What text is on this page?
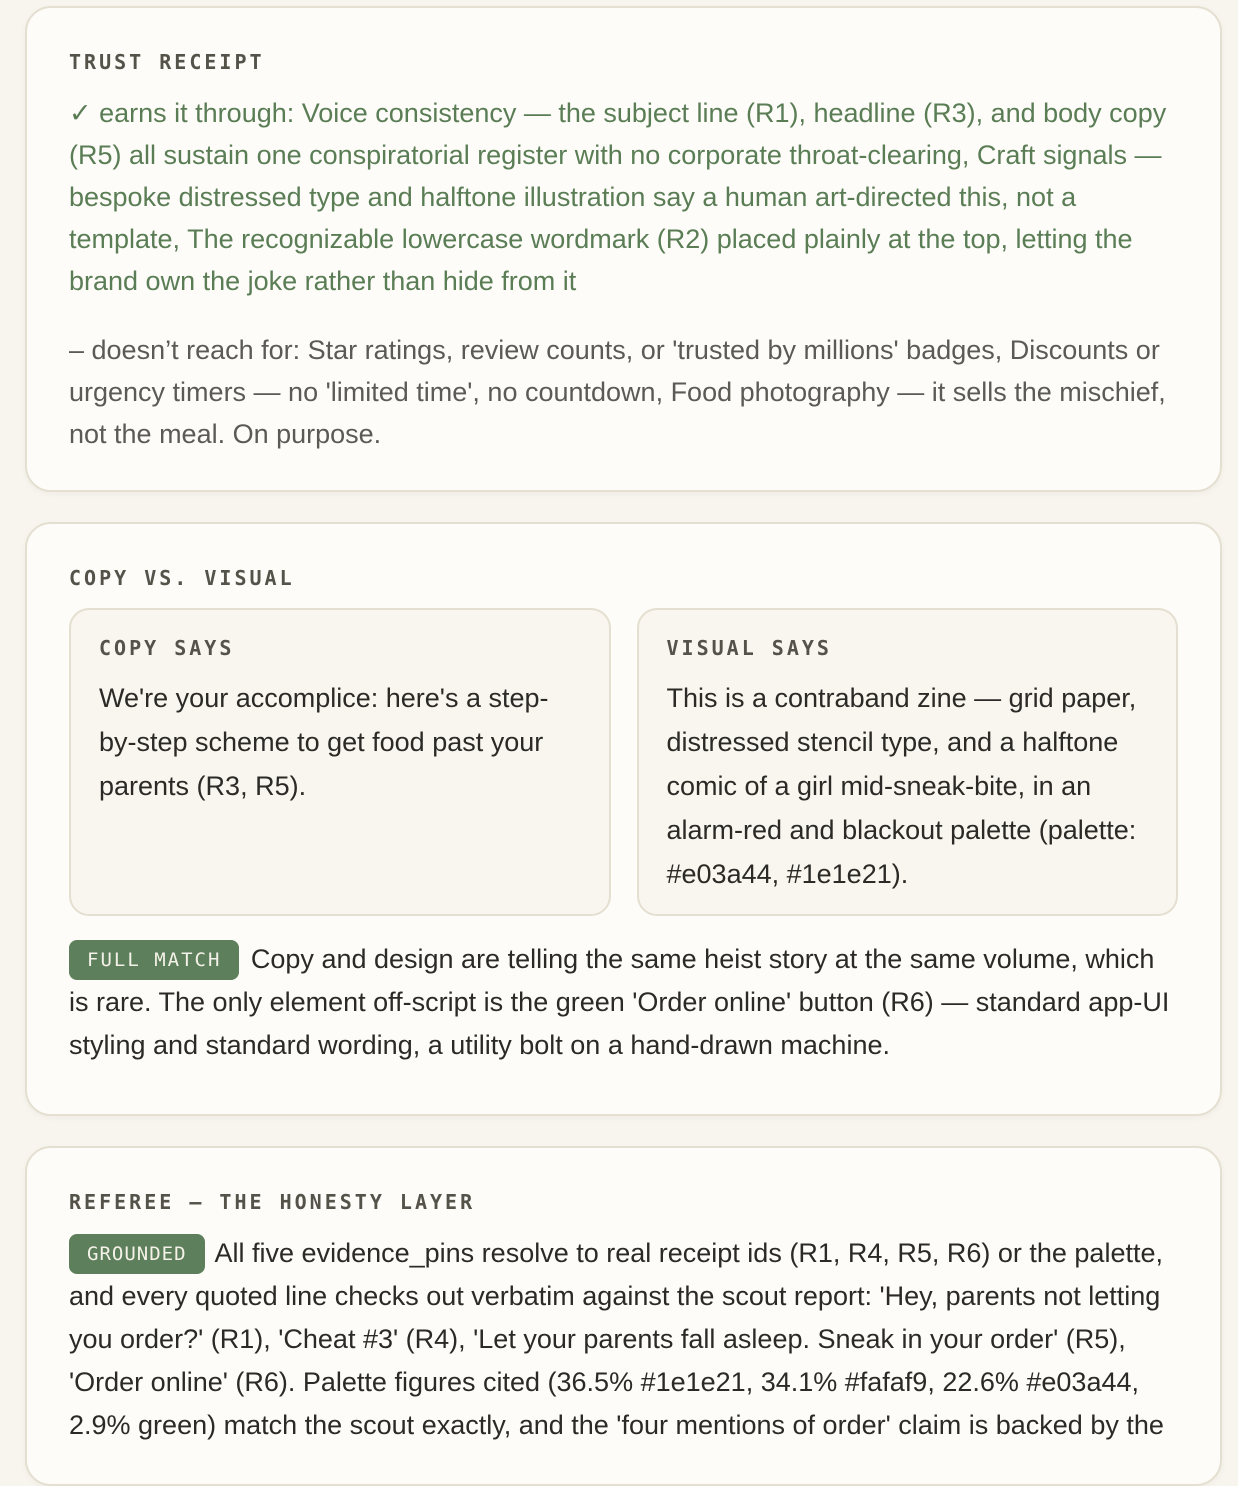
TRUST RECEIPT

✓ earns it through: Voice consistency — the subject line (R1), headline (R3), and body copy (R5) all sustain one conspiratorial register with no corporate throat-clearing, Craft signals — bespoke distressed type and halftone illustration say a human art-directed this, not a template, The recognizable lowercase wordmark (R2) placed plainly at the top, letting the brand own the joke rather than hide from it

– doesn’t reach for: Star ratings, review counts, or 'trusted by millions' badges, Discounts or urgency timers — no 'limited time', no countdown, Food photography — it sells the mischief, not the meal. On purpose.

COPY VS. VISUAL
COPY SAYS

We're your accomplice: here's a step-by-step scheme to get food past your parents (R3, R5).

VISUAL SAYS

This is a contraband zine — grid paper, distressed stencil type, and a halftone comic of a girl mid-sneak-bite, in an alarm-red and blackout palette (palette: #e03a44, #1e1e21).

FULL MATCH Copy and design are telling the same heist story at the same volume, which is rare. The only element off-script is the green 'Order online' button (R6) — standard app-UI styling and standard wording, a utility bolt on a hand-drawn machine.

REFEREE — THE HONESTY LAYER

GROUNDED All five evidence_pins resolve to real receipt ids (R1, R4, R5, R6) or the palette, and every quoted line checks out verbatim against the scout report: 'Hey, parents not letting you order?' (R1), 'Cheat #3' (R4), 'Let your parents fall asleep. Sneak in your order' (R5), 'Order online' (R6). Palette figures cited (36.5% #1e1e21, 34.1% #fafaf9, 22.6% #e03a44, 2.9% green) match the scout exactly, and the 'four mentions of order' claim is backed by the
